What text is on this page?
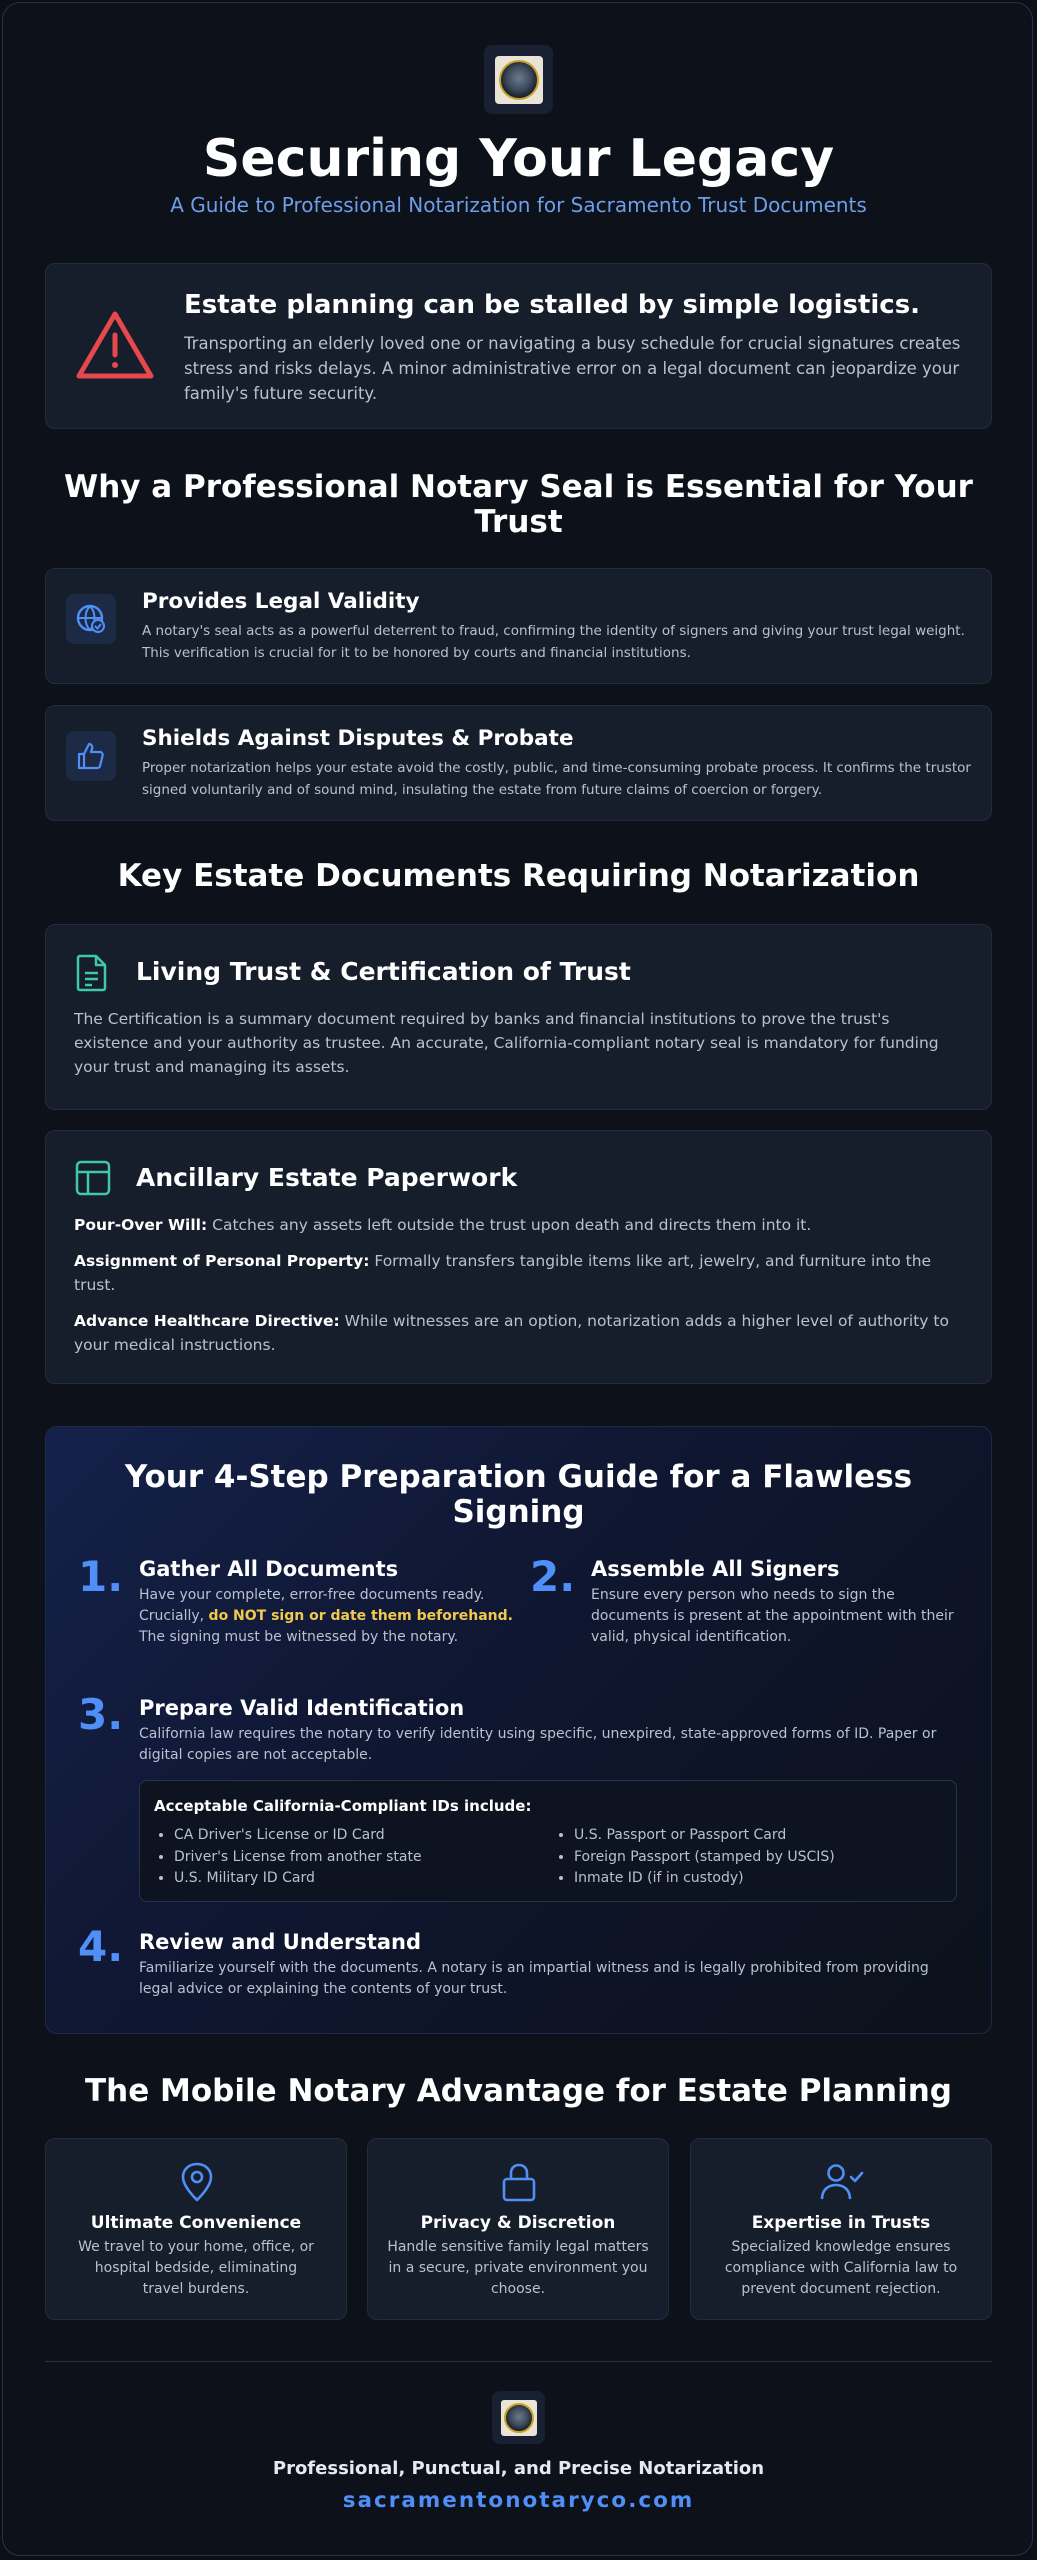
Securing Your Legacy
A Guide to Professional Notarization for Sacramento Trust Documents
Estate planning can be stalled by simple logistics.
Transporting an elderly loved one or navigating a busy schedule for crucial signatures creates stress and risks delays. A minor administrative error on a legal document can jeopardize your family's future security.
Why a Professional Notary Seal is Essential for Your Trust
Provides Legal Validity
A notary's seal acts as a powerful deterrent to fraud, confirming the identity of signers and giving your trust legal weight. This verification is crucial for it to be honored by courts and financial institutions.
Shields Against Disputes & Probate
Proper notarization helps your estate avoid the costly, public, and time-consuming probate process. It confirms the trustor signed voluntarily and of sound mind, insulating the estate from future claims of coercion or forgery.
Key Estate Documents Requiring Notarization
Living Trust & Certification of Trust
The Certification is a summary document required by banks and financial institutions to prove the trust's existence and your authority as trustee. An accurate, California-compliant notary seal is mandatory for funding your trust and managing its assets.
Ancillary Estate Paperwork
Pour-Over Will: Catches any assets left outside the trust upon death and directs them into it.
Assignment of Personal Property: Formally transfers tangible items like art, jewelry, and furniture into the trust.
Advance Healthcare Directive: While witnesses are an option, notarization adds a higher level of authority to your medical instructions.
Your 4-Step Preparation Guide for a Flawless Signing
1. Gather All Documents
Have your complete, error-free documents ready. Crucially, do NOT sign or date them beforehand. The signing must be witnessed by the notary.
2. Assemble All Signers
Ensure every person who needs to sign the documents is present at the appointment with their valid, physical identification.
3. Prepare Valid Identification
California law requires the notary to verify identity using specific, unexpired, state-approved forms of ID. Paper or digital copies are not acceptable.
Acceptable California-Compliant IDs include:
• CA Driver's License or ID Card
• Driver's License from another state
• U.S. Military ID Card
• U.S. Passport or Passport Card
• Foreign Passport (stamped by USCIS)
• Inmate ID (if in custody)
4. Review and Understand
Familiarize yourself with the documents. A notary is an impartial witness and is legally prohibited from providing legal advice or explaining the contents of your trust.
The Mobile Notary Advantage for Estate Planning
Ultimate Convenience
We travel to your home, office, or hospital bedside, eliminating travel burdens.
Privacy & Discretion
Handle sensitive family legal matters in a secure, private environment you choose.
Expertise in Trusts
Specialized knowledge ensures compliance with California law to prevent document rejection.
Professional, Punctual, and Precise Notarization
sacramentonotaryco.com
